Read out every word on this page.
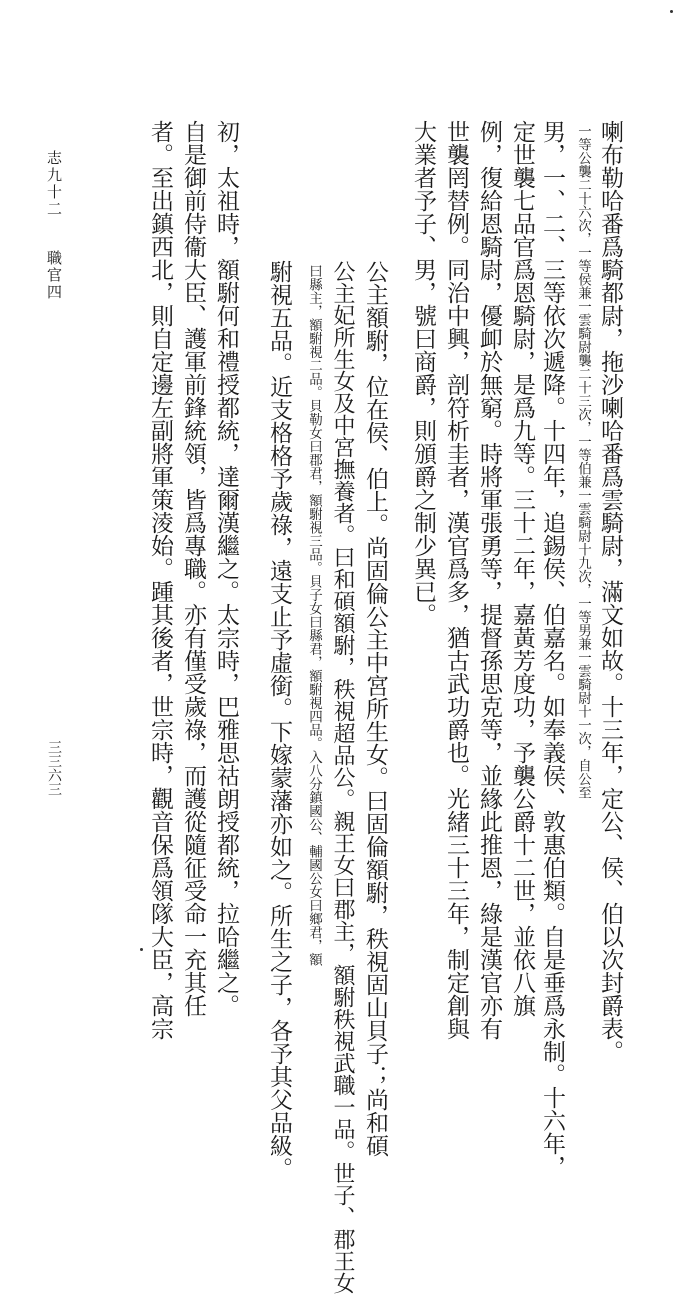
喇布勒哈番爲騎都尉，拖沙喇哈番爲雲騎尉，滿文如故。十三年，定公、侯、伯以次封爵表。
一等公襲二十六次，一等侯兼一雲騎尉襲二十三次，一等伯兼一雲騎尉十九次，一等男兼一雲騎尉十一次，自公至
男，一、二、三等依次遞降。十四年，追錫侯、伯嘉名。如奉義侯、敦惠伯類。自是垂爲永制。十六年，
定世襲七品官爲恩騎尉，是爲九等。三十二年，嘉黃芳度功，予襲公爵十二世，並依八旗
例，復給恩騎尉，優卹於無窮。時將軍張勇等，提督孫思克等，並緣此推恩，綠是漢官亦有
世襲罔替例。同治中興，剖符析圭者，漢官爲多，猶古武功爵也。光緒三十三年，制定創與
大業者予子、男，號曰商爵，則頒爵之制少異已。
公主額駙，位在侯、伯上。尚固倫公主中宮所生女。曰固倫額駙，秩視固山貝子；尚和碩
公主妃所生女及中宮撫養者。曰和碩額駙，秩視超品公。親王女曰郡主，額駙秩視武職一品。世子、郡王女
曰縣主，額駙視二品。貝勒女曰郡君，額駙視三品。貝子女曰縣君，額駙視四品。入八分鎮國公、輔國公女曰鄉君，額
駙視五品。近支格格予歲祿，遠支止予虛銜。下嫁蒙藩亦如之。所生之子，各予其父品級。
初，太祖時，額駙何和禮授都統，達爾漢繼之。太宗時，巴雅思祜朗授都統，拉哈繼之。
自是御前侍衞大臣、護軍前鋒統領，皆爲專職。亦有僅受歲祿，而護從隨征受命一充其任
者。至出鎮西北，則自定邊左副將軍策淩始。踵其後者，世宗時，觀音保爲領隊大臣，高宗
志九十二
職官四
三三六三
